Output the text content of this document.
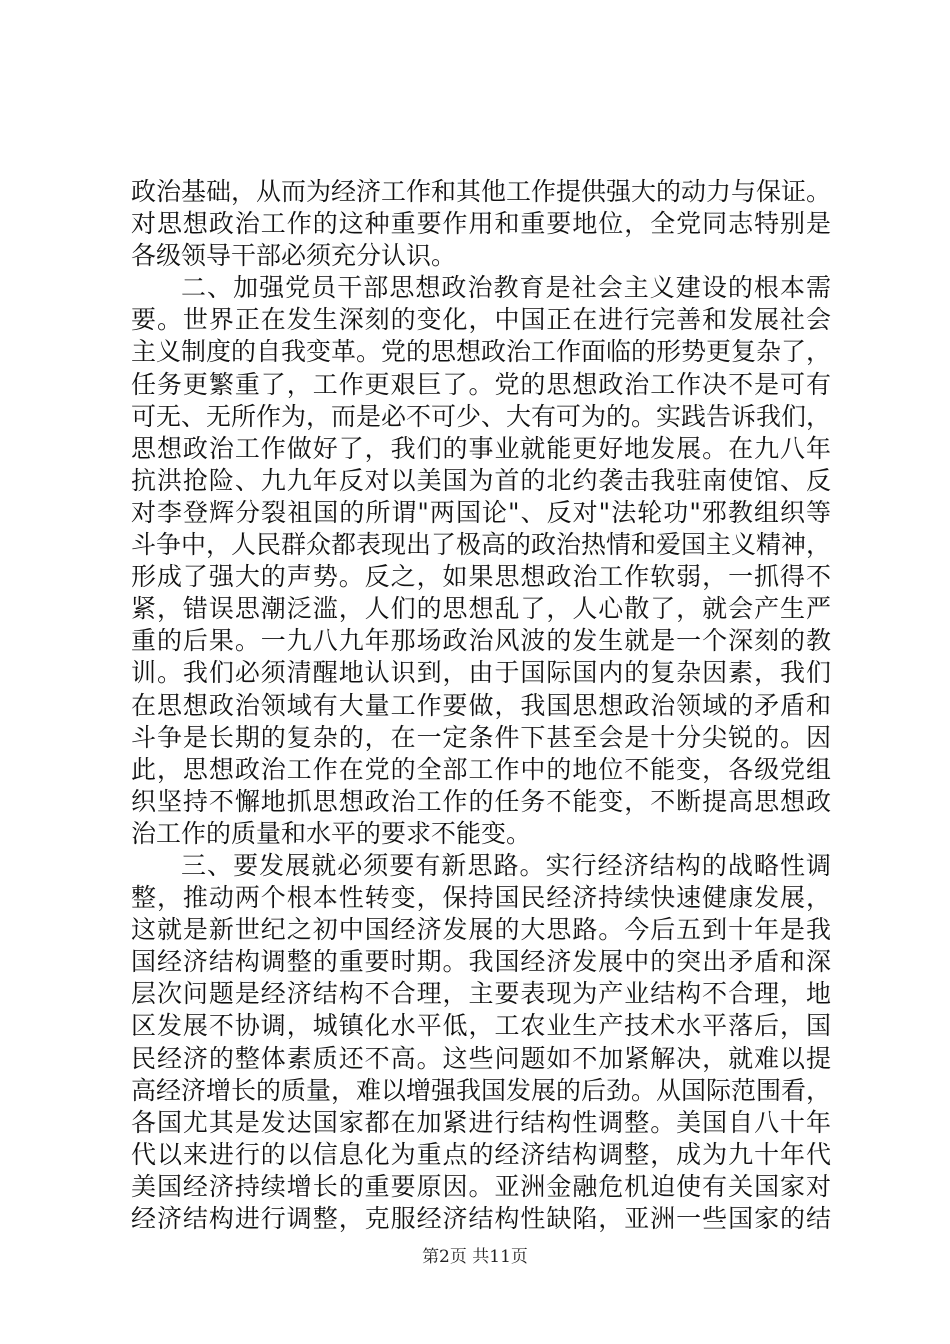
政治基础，从而为经济工作和其他工作提供强大的动力与保证。
对思想政治工作的这种重要作用和重要地位，全党同志特别是
各级领导干部必须充分认识。
二、加强党员干部思想政治教育是社会主义建设的根本需
要。世界正在发生深刻的变化，中国正在进行完善和发展社会
主义制度的自我变革。党的思想政治工作面临的形势更复杂了，
任务更繁重了，工作更艰巨了。党的思想政治工作决不是可有
可无、无所作为，而是必不可少、大有可为的。实践告诉我们，
思想政治工作做好了，我们的事业就能更好地发展。在九八年
抗洪抢险、九九年反对以美国为首的北约袭击我驻南使馆、反
对李登辉分裂祖国的所谓"两国论"、反对"法轮功"邪教组织等
斗争中，人民群众都表现出了极高的政治热情和爱国主义精神，
形成了强大的声势。反之，如果思想政治工作软弱，一抓得不
紧，错误思潮泛滥，人们的思想乱了，人心散了，就会产生严
重的后果。一九八九年那场政治风波的发生就是一个深刻的教
训。我们必须清醒地认识到，由于国际国内的复杂因素，我们
在思想政治领域有大量工作要做，我国思想政治领域的矛盾和
斗争是长期的复杂的，在一定条件下甚至会是十分尖锐的。因
此，思想政治工作在党的全部工作中的地位不能变，各级党组
织坚持不懈地抓思想政治工作的任务不能变，不断提高思想政
治工作的质量和水平的要求不能变。
三、要发展就必须要有新思路。实行经济结构的战略性调
整，推动两个根本性转变，保持国民经济持续快速健康发展，
这就是新世纪之初中国经济发展的大思路。今后五到十年是我
国经济结构调整的重要时期。我国经济发展中的突出矛盾和深
层次问题是经济结构不合理，主要表现为产业结构不合理，地
区发展不协调，城镇化水平低，工农业生产技术水平落后，国
民经济的整体素质还不高。这些问题如不加紧解决，就难以提
高经济增长的质量，难以增强我国发展的后劲。从国际范围看，
各国尤其是发达国家都在加紧进行结构性调整。美国自八十年
代以来进行的以信息化为重点的经济结构调整，成为九十年代
美国经济持续增长的重要原因。亚洲金融危机迫使有关国家对
经济结构进行调整，克服经济结构性缺陷，亚洲一些国家的结
第2页 共11页
